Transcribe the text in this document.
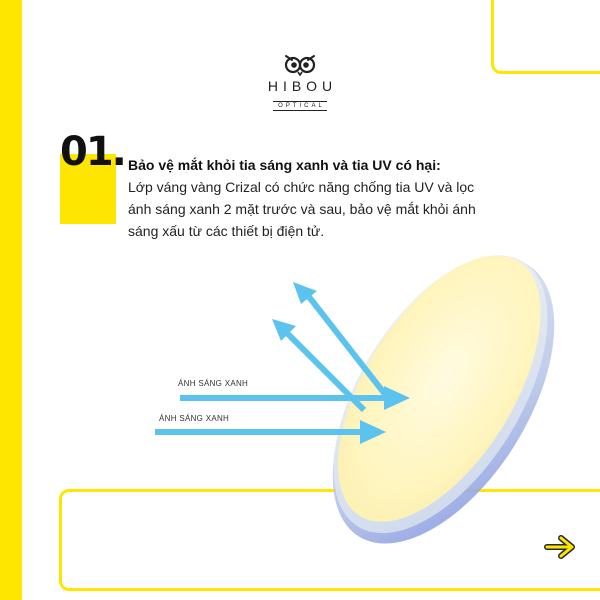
HIBOU
OPTICAL
01. Bảo vệ mắt khỏi tia sáng xanh và tia UV có hại:
Lớp váng vàng Crizal có chức năng chống tia UV và lọc ánh sáng xanh 2 mặt trước và sau, bảo vệ mắt khỏi ánh sáng xấu từ các thiết bị điện tử.
ÁNH SÁNG XANH
ÁNH SÁNG XANH
